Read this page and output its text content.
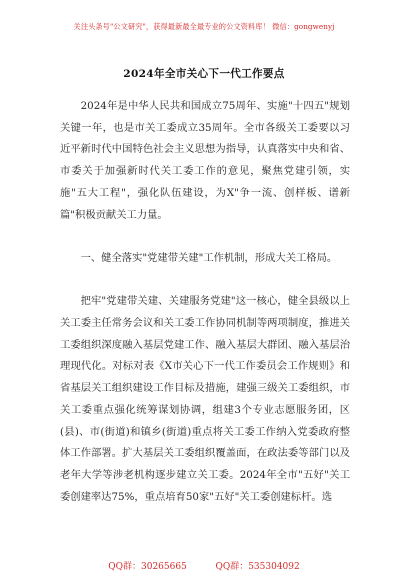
关注头条号"公文研究"，获得最新最全最专业的公文资料库！ 微信：gongwenyj
2024年全市关心下一代工作要点

2024年是中华人民共和国成立75周年、实施"十四五"规划关键一年，也是市关工委成立35周年。全市各级关工委要以习近平新时代中国特色社会主义思想为指导，认真落实中央和省、市委关于加强新时代关工委工作的意见，聚焦党建引领，实施"五大工程"，强化队伍建设，为X"争一流、创样板、谱新篇"积极贡献关工力量。

一、健全落实"党建带关建"工作机制，形成大关工格局。

把牢"党建带关建、关建服务党建"这一核心，健全县级以上关工委主任常务会议和关工委工作协同机制等两项制度，推进关工委组织深度融入基层党建工作、融入基层大群团、融入基层治理现代化。对标对表《X市关心下一代工作委员会工作规则》和省基层关工组织建设工作目标及措施，建强三级关工委组织，市关工委重点强化统筹谋划协调，组建3个专业志愿服务团，区(县)、市(街道)和镇乡(街道)重点将关工委工作纳入党委政府整体工作部署。扩大基层关工委组织覆盖面，在政法委等部门以及老年大学等涉老机构逐步建立关工委。2024年全市"五好"关工委创建率达75%，重点培育50家"五好"关工委创建标杆。选

QQ群：30265665	QQ群：535304092
